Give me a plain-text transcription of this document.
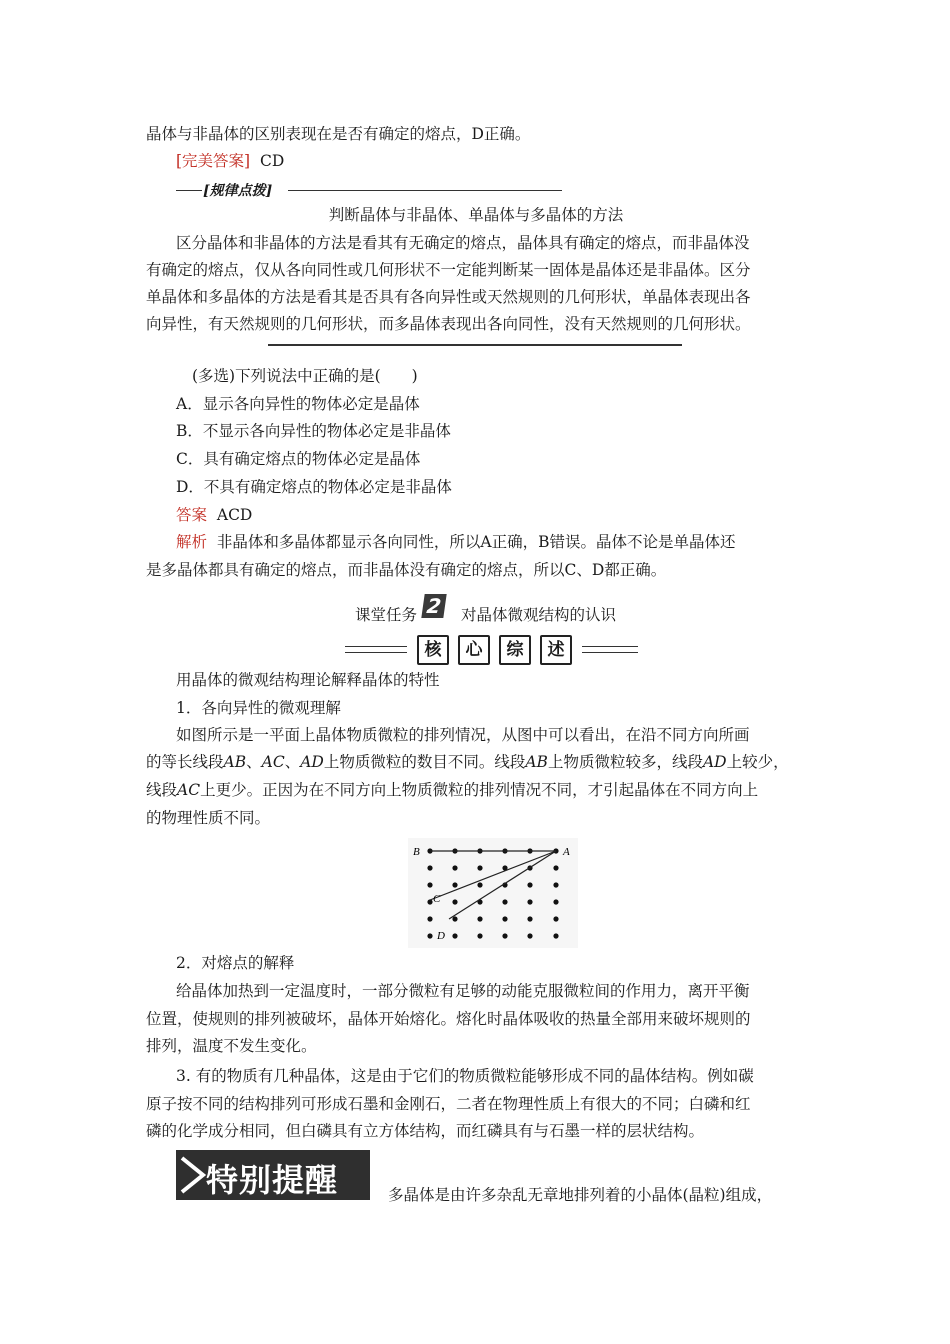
晶体与非晶体的区别表现在是否有确定的熔点，D正确。
[完美答案] CD
[规律点拨]
判断晶体与非晶体、单晶体与多晶体的方法
区分晶体和非晶体的方法是看其有无确定的熔点，晶体具有确定的熔点，而非晶体没
有确定的熔点，仅从各向同性或几何形状不一定能判断某一固体是晶体还是非晶体。区分
单晶体和多晶体的方法是看其是否具有各向异性或天然规则的几何形状，单晶体表现出各
向异性，有天然规则的几何形状，而多晶体表现出各向同性，没有天然规则的几何形状。
(多选)下列说法中正确的是(　　)
A．显示各向异性的物体必定是晶体
B．不显示各向异性的物体必定是非晶体
C．具有确定熔点的物体必定是晶体
D．不具有确定熔点的物体必定是非晶体
答案 ACD
解析 非晶体和多晶体都显示各向同性，所以A正确，B错误。晶体不论是单晶体还
是多晶体都具有确定的熔点，而非晶体没有确定的熔点，所以C、D都正确。
课堂任务 2 对晶体微观结构的认识
核	心	综	述
用晶体的微观结构理论解释晶体的特性
1．各向异性的微观理解
如图所示是一平面上晶体物质微粒的排列情况，从图中可以看出，在沿不同方向所画
的等长线段AB、AC、AD上物质微粒的数目不同。线段AB上物质微粒较多，线段AD上较少，
线段AC上更少。正因为在不同方向上物质微粒的排列情况不同，才引起晶体在不同方向上
的物理性质不同。
B	A
C
D
2．对熔点的解释
给晶体加热到一定温度时，一部分微粒有足够的动能克服微粒间的作用力，离开平衡
位置，使规则的排列被破坏，晶体开始熔化。熔化时晶体吸收的热量全部用来破坏规则的
排列，温度不发生变化。
3. 有的物质有几种晶体，这是由于它们的物质微粒能够形成不同的晶体结构。例如碳
原子按不同的结构排列可形成石墨和金刚石，二者在物理性质上有很大的不同；白磷和红
磷的化学成分相同，但白磷具有立方体结构，而红磷具有与石墨一样的层状结构。
特别提醒	多晶体是由许多杂乱无章地排列着的小晶体(晶粒)组成，
